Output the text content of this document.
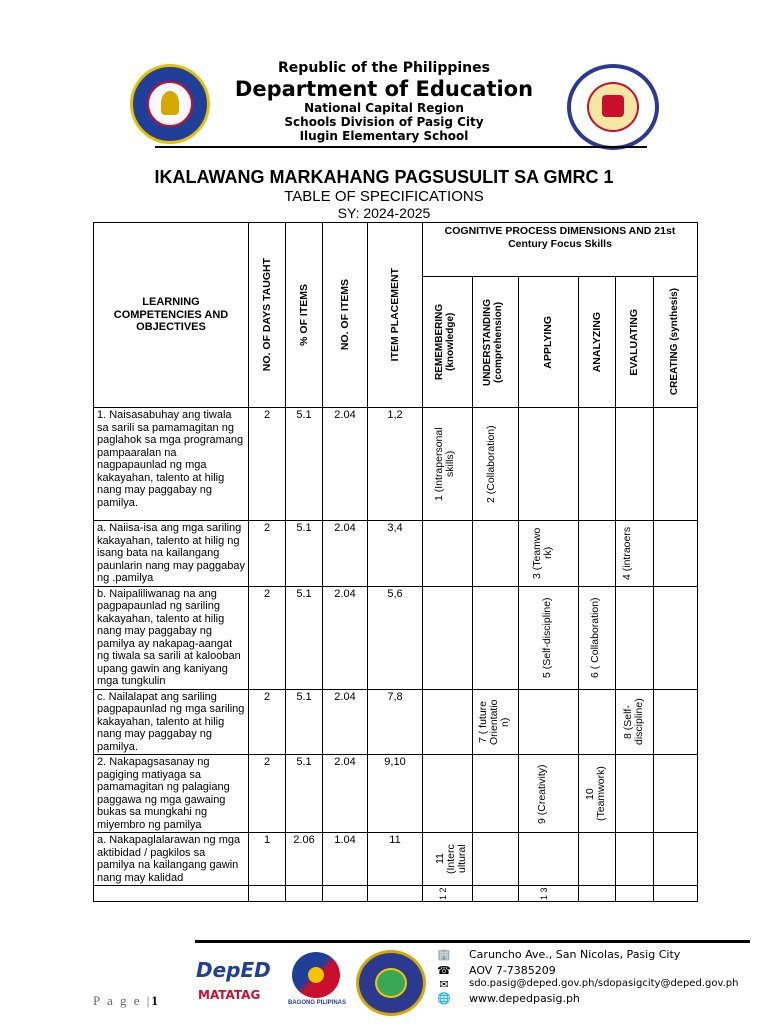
Republic of the Philippines
Department of Education
National Capital Region
Schools Division of Pasig City
Ilugin Elementary School
IKALAWANG MARKAHANG PAGSUSULIT SA GMRC 1
TABLE OF SPECIFICATIONS
SY: 2024-2025
LEARNING COMPETENCIES AND OBJECTIVES	NO. OF DAYS TAUGHT	% OF ITEMS	NO. OF ITEMS	ITEM PLACEMENT	COGNITIVE PROCESS DIMENSIONS AND 21st Century Focus Skills					

					REMEMBERING (knowledge)	UNDERSTANDING (comprehension)	APPLYING	ANALYZING	EVALUATING	CREATING (synthesis)

1. Naisasabuhay ang tiwala sa sarili sa pamamagitan ng paglahok sa mga programang pampaaralan na nagpapaunlad ng mga kakayahan, talento at hilig nang may paggabay ng pamilya.	2	5.1	2.04	1,2	1 (Intrapersonal skills)	2 (Collaboration)				

a. Naiisa-isa ang mga sariling kakayahan, talento at hilig ng isang bata na kailangang paunlarin nang may paggabay ng .pamilya	2	5.1	2.04	3,4			3 (Teamwo rk)		4 (intraoers	

b. Naipaliliwanag na ang pagpapaunlad ng sariling kakayahan, talento at hilig nang may paggabay ng pamilya ay nakapag-aangat ng tiwala sa sarili at kalooban upang gawin ang kaniyang mga tungkulin	2	5.1	2.04	5,6			5 (Self-discipline)	6 ( Collaboration)		

c. Nailalapat ang sariling pagpapaunlad ng mga sariling kakayahan, talento at hilig nang may paggabay ng pamilya.	2	5.1	2.04	7,8		7 ( future Orientatio n)			8 (Self-discipline)	

2. Nakapagsasanay ng pagiging matiyaga sa pamamagitan ng palagiang paggawa ng mga gawaing bukas sa mungkahi ng miyembro ng pamilya	2	5.1	2.04	9,10			9 (Creativity)	10 (Teamwork)		

a. Nakapaglalarawan ng mga aktibidad / pagkilos sa pamilya na kailangang gawin nang may kalidad	1	2.06	1.04	11	11 (Interc ultural					

					1 2		1 3			

P a g e |1
DepED
MATATAG
BAGONG PILIPINAS
🏢 Caruncho Ave., San Nicolas, Pasig City
☎ AOV 7-7385209
✉	sdo.pasig@deped.gov.ph/sdopasigcity@deped.gov.ph
🌐 www.depedpasig.ph
